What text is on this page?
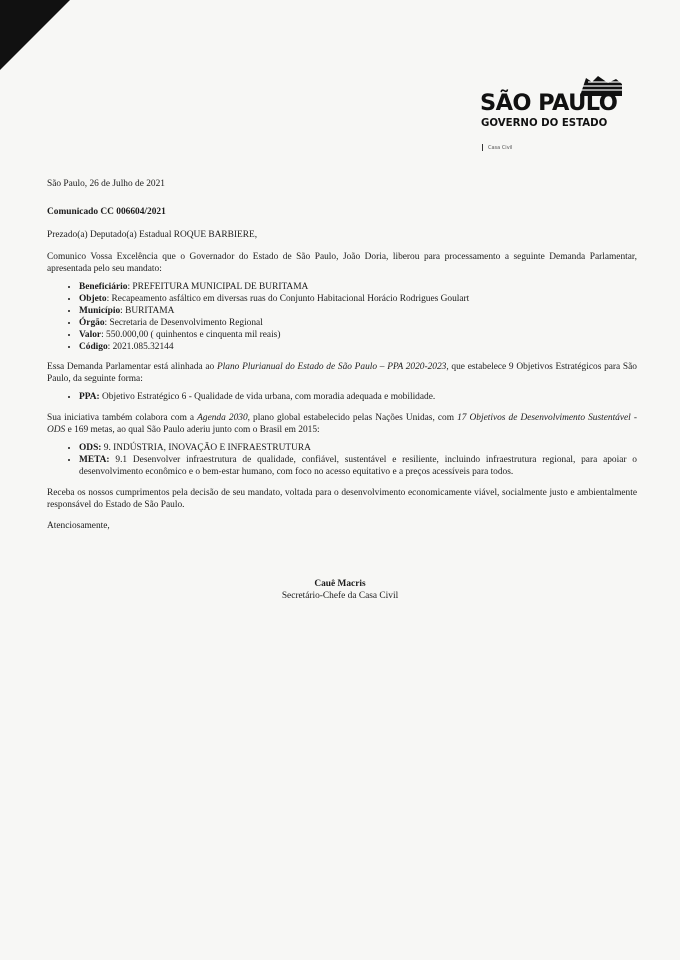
SÃO PAULO
GOVERNO DO ESTADO
Casa Civil

São Paulo, 26 de Julho de 2021

Comunicado CC 006604/2021

Prezado(a) Deputado(a) Estadual ROQUE BARBIERE,

Comunico Vossa Excelência que o Governador do Estado de São Paulo, João Doria, liberou para processamento a seguinte Demanda Parlamentar, apresentada pelo seu mandato:

• Beneficiário: PREFEITURA MUNICIPAL DE BURITAMA
• Objeto: Recapeamento asfáltico em diversas ruas do Conjunto Habitacional Horácio Rodrigues Goulart
• Município: BURITAMA
• Órgão: Secretaria de Desenvolvimento Regional
• Valor: 550.000,00 ( quinhentos e cinquenta mil reais)
• Código: 2021.085.32144

Essa Demanda Parlamentar está alinhada ao Plano Plurianual do Estado de São Paulo – PPA 2020-2023, que estabelece 9 Objetivos Estratégicos para São Paulo, da seguinte forma:

• PPA: Objetivo Estratégico 6 - Qualidade de vida urbana, com moradia adequada e mobilidade.

Sua iniciativa também colabora com a Agenda 2030, plano global estabelecido pelas Nações Unidas, com 17 Objetivos de Desenvolvimento Sustentável - ODS e 169 metas, ao qual São Paulo aderiu junto com o Brasil em 2015:

• ODS: 9. INDÚSTRIA, INOVAÇÃO E INFRAESTRUTURA
• META: 9.1 Desenvolver infraestrutura de qualidade, confiável, sustentável e resiliente, incluindo infraestrutura regional, para apoiar o desenvolvimento econômico e o bem-estar humano, com foco no acesso equitativo e a preços acessíveis para todos.

Receba os nossos cumprimentos pela decisão de seu mandato, voltada para o desenvolvimento economicamente viável, socialmente justo e ambientalmente responsável do Estado de São Paulo.

Atenciosamente,

Cauê Macris
Secretário-Chefe da Casa Civil
